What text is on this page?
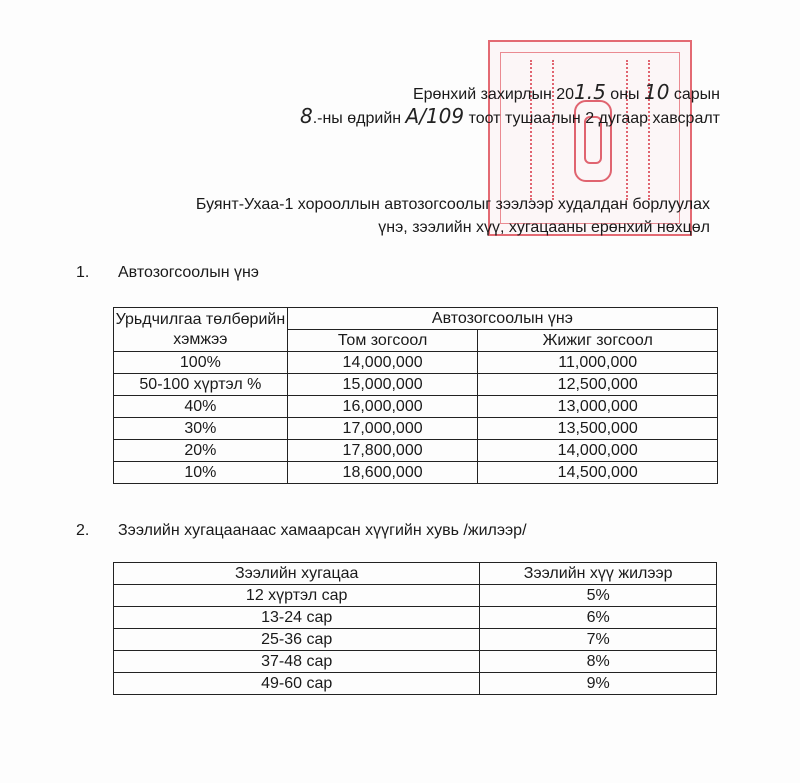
Ерөнхий захирлын 201.5 оны 10 сарын
8.-ны өдрийн A/109 тоот тушаалын 2 дугаар хавсралт
Буянт-Ухаа-1 хорооллын автозогсоолыг зээлээр худалдан борлуулах
үнэ, зээлийн хүү, хугацааны ерөнхий нөхцөл
1. Автозогсоолын үнэ
Урьдчилгаа төлбөрийн хэмжээ	Автозогсоолын үнэ	
	Том зогсоол	Жижиг зогсоол
100%	14,000,000	11,000,000
50-100 хүртэл %	15,000,000	12,500,000
40%	16,000,000	13,000,000
30%	17,000,000	13,500,000
20%	17,800,000	14,000,000
10%	18,600,000	14,500,000
2. Зээлийн хугацаанаас хамаарсан хүүгийн хувь /жилээр/
Зээлийн хугацаа	Зээлийн хүү жилээр
12 хүртэл сар	5%
13-24 сар	6%
25-36 сар	7%
37-48 сар	8%
49-60 сар	9%
